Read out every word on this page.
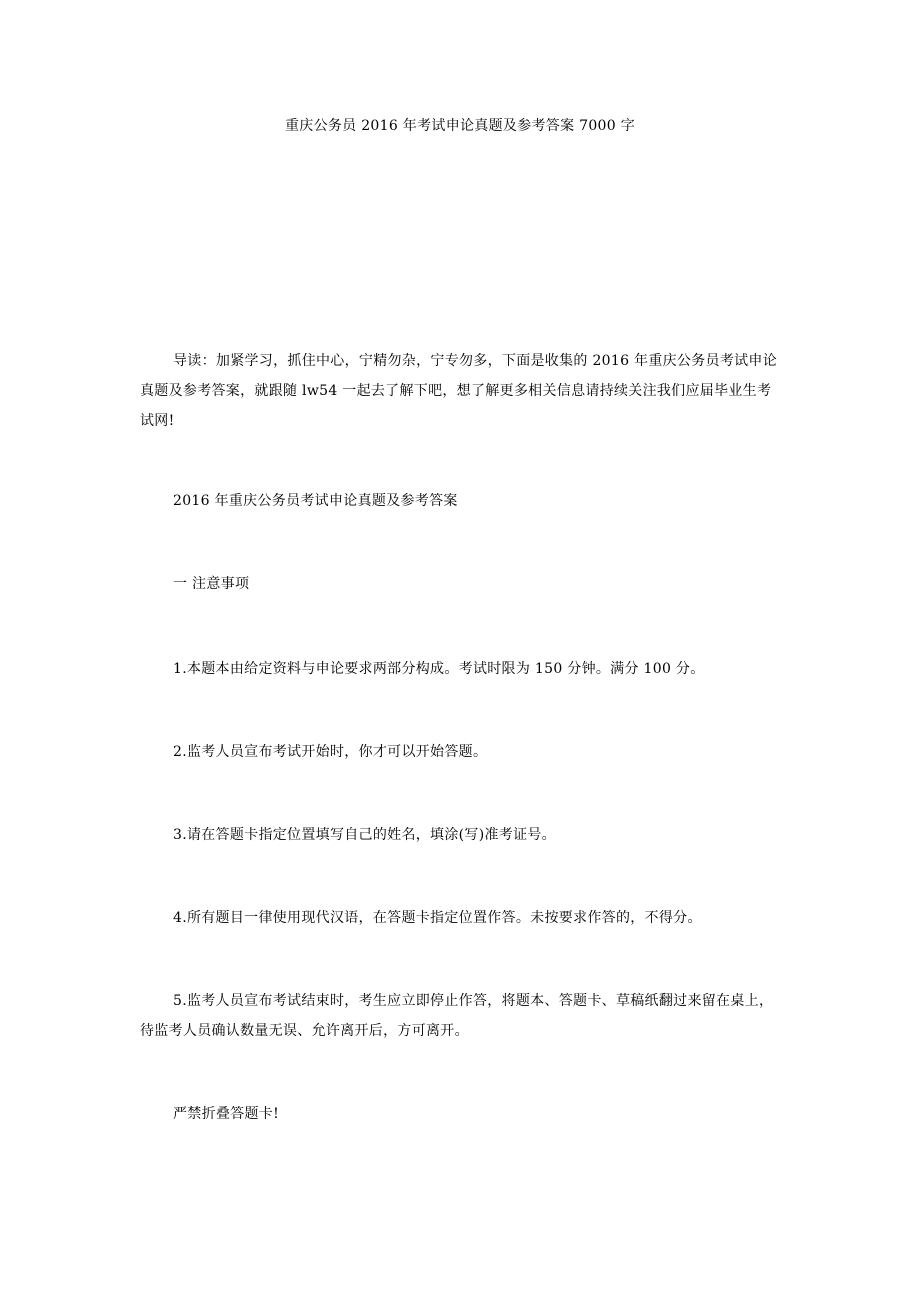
重庆公务员 2016 年考试申论真题及参考答案 7000 字
导读：加紧学习，抓住中心，宁精勿杂，宁专勿多，下面是收集的 2016 年重庆公务员考试申论真题及参考答案，就跟随 lw54 一起去了解下吧，想了解更多相关信息请持续关注我们应届毕业生考试网!
2016 年重庆公务员考试申论真题及参考答案
一 注意事项
1.本题本由给定资料与申论要求两部分构成。考试时限为 150 分钟。满分 100 分。
2.监考人员宣布考试开始时，你才可以开始答题。
3.请在答题卡指定位置填写自己的姓名，填涂(写)准考证号。
4.所有题目一律使用现代汉语，在答题卡指定位置作答。未按要求作答的，不得分。
5.监考人员宣布考试结束时，考生应立即停止作答，将题本、答题卡、草稿纸翻过来留在桌上，待监考人员确认数量无误、允许离开后，方可离开。
严禁折叠答题卡!
